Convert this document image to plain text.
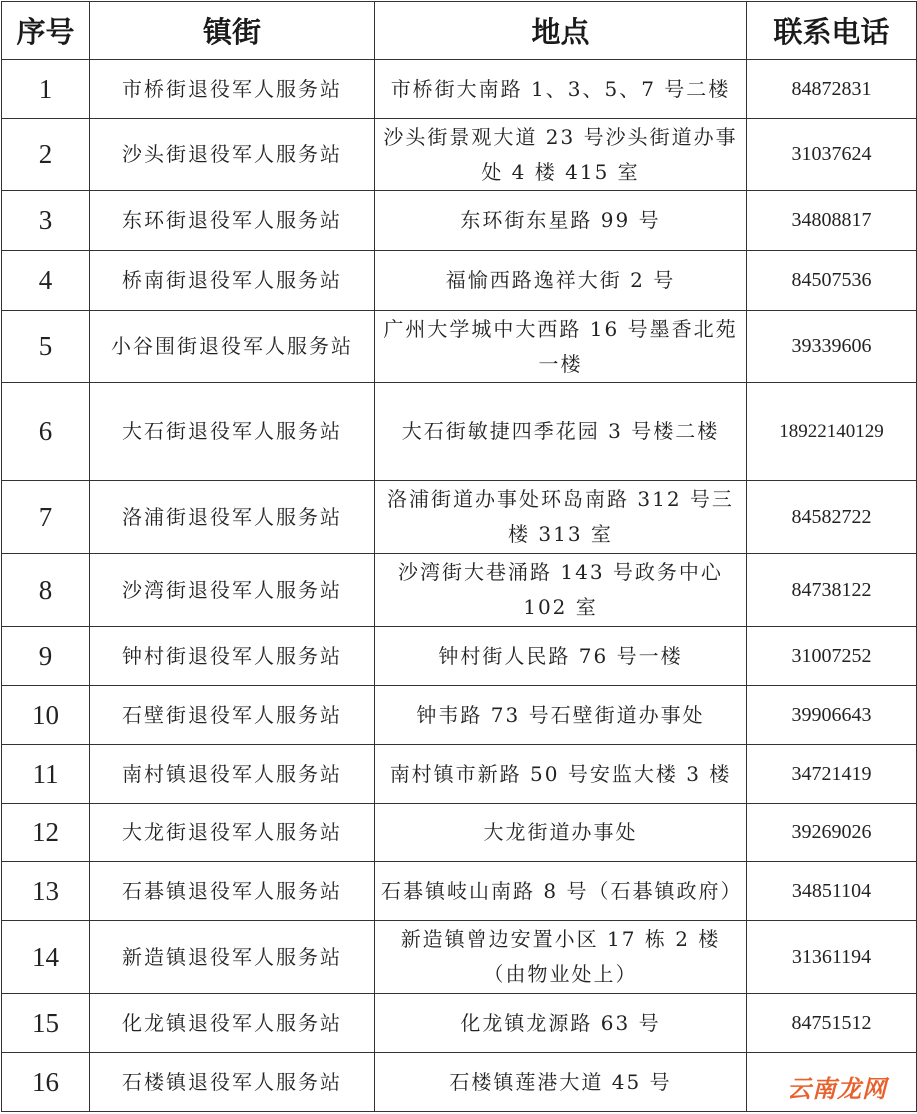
序号	镇街	地点	联系电话
1	市桥街退役军人服务站	市桥街大南路 1、3、5、7 号二楼	84872831
2	沙头街退役军人服务站	沙头街景观大道 23 号沙头街道办事处 4 楼 415 室	31037624
3	东环街退役军人服务站	东环街东星路 99 号	34808817
4	桥南街退役军人服务站	福愉西路逸祥大街 2 号	84507536
5	小谷围街退役军人服务站	广州大学城中大西路 16 号墨香北苑一楼	39339606
6	大石街退役军人服务站	大石街敏捷四季花园 3 号楼二楼	18922140129
7	洛浦街退役军人服务站	洛浦街道办事处环岛南路 312 号三楼 313 室	84582722
8	沙湾街退役军人服务站	沙湾街大巷涌路 143 号政务中心 102 室	84738122
9	钟村街退役军人服务站	钟村街人民路 76 号一楼	31007252
10	石壁街退役军人服务站	钟韦路 73 号石壁街道办事处	39906643
11	南村镇退役军人服务站	南村镇市新路 50 号安监大楼 3 楼	34721419
12	大龙街退役军人服务站	大龙街道办事处	39269026
13	石碁镇退役军人服务站	石碁镇岐山南路 8 号（石碁镇政府）	34851104
14	新造镇退役军人服务站	新造镇曾边安置小区 17 栋 2 楼（由物业处上）	31361194
15	化龙镇退役军人服务站	化龙镇龙源路 63 号	84751512
16	石楼镇退役军人服务站	石楼镇莲港大道 45 号		云南龙网
